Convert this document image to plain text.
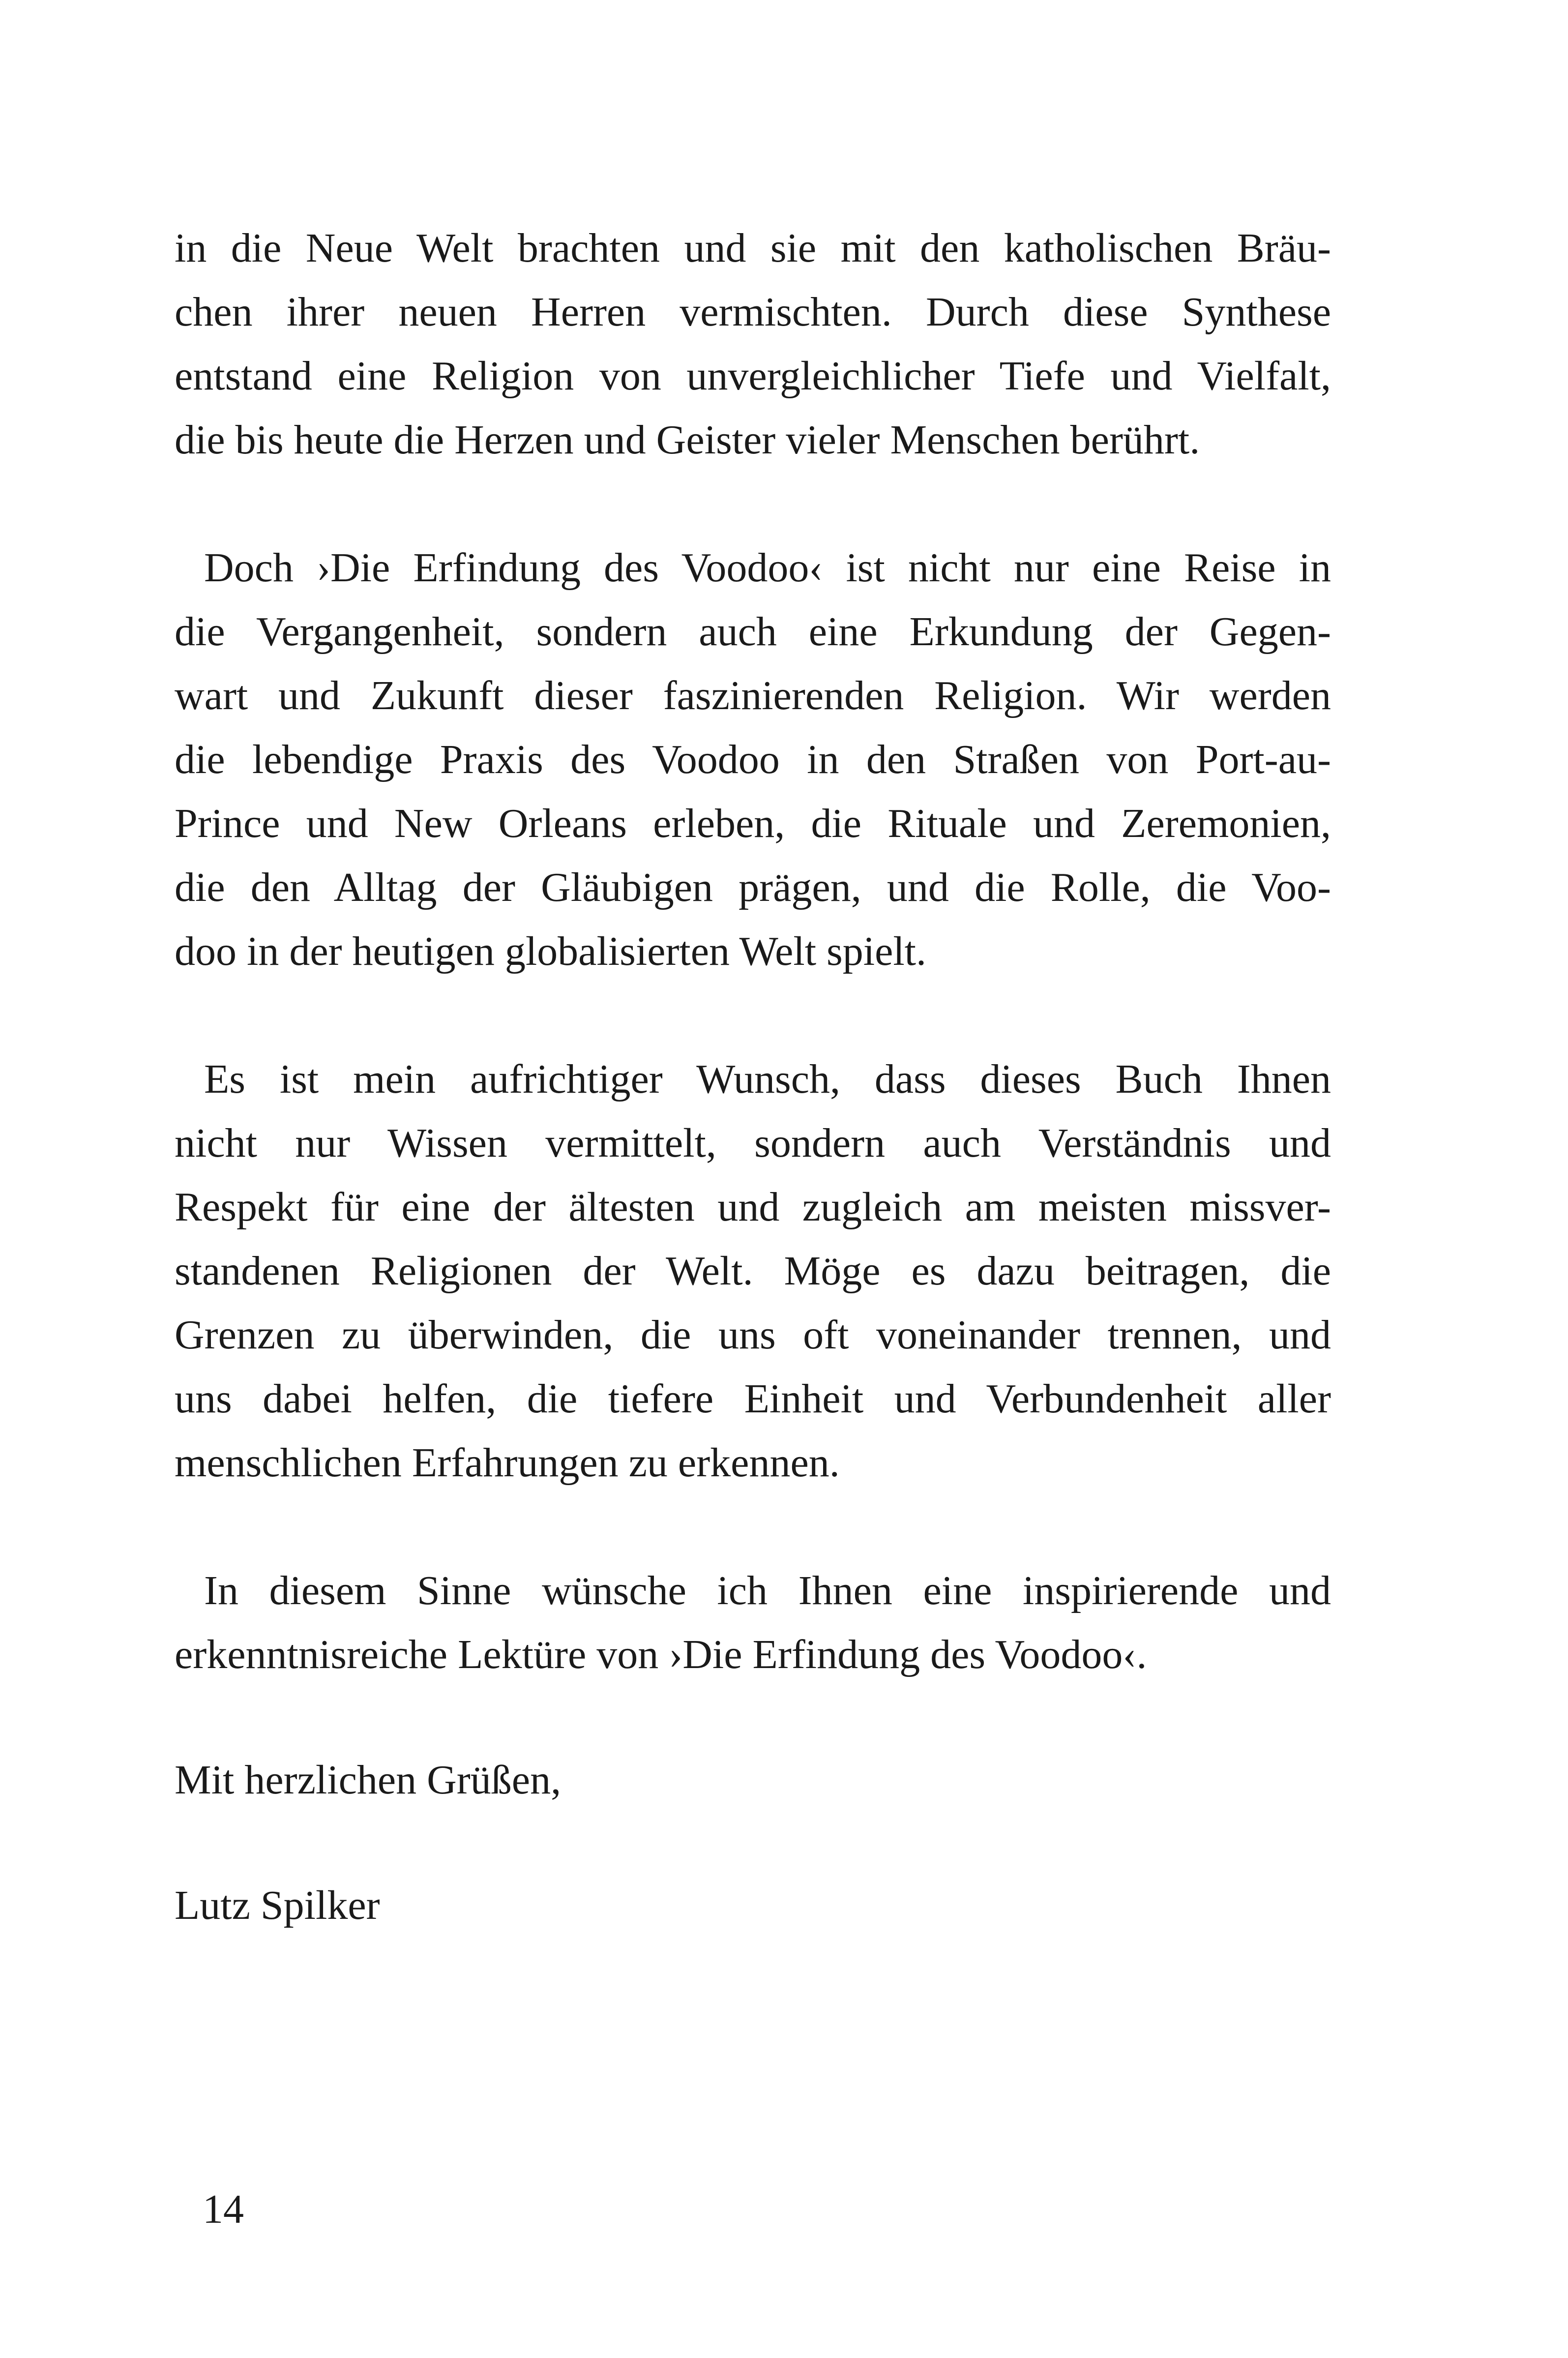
in die Neue Welt brachten und sie mit den katholischen Bräu-
chen ihrer neuen Herren vermischten. Durch diese Synthese
entstand eine Religion von unvergleichlicher Tiefe und Vielfalt,
die bis heute die Herzen und Geister vieler Menschen berührt.
Doch ›Die Erfindung des Voodoo‹ ist nicht nur eine Reise in
die Vergangenheit, sondern auch eine Erkundung der Gegen-
wart und Zukunft dieser faszinierenden Religion. Wir werden
die lebendige Praxis des Voodoo in den Straßen von Port-au-
Prince und New Orleans erleben, die Rituale und Zeremonien,
die den Alltag der Gläubigen prägen, und die Rolle, die Voo-
doo in der heutigen globalisierten Welt spielt.
Es ist mein aufrichtiger Wunsch, dass dieses Buch Ihnen
nicht nur Wissen vermittelt, sondern auch Verständnis und
Respekt für eine der ältesten und zugleich am meisten missver-
standenen Religionen der Welt. Möge es dazu beitragen, die
Grenzen zu überwinden, die uns oft voneinander trennen, und
uns dabei helfen, die tiefere Einheit und Verbundenheit aller
menschlichen Erfahrungen zu erkennen.
In diesem Sinne wünsche ich Ihnen eine inspirierende und
erkenntnisreiche Lektüre von ›Die Erfindung des Voodoo‹.
Mit herzlichen Grüßen,
Lutz Spilker
14
